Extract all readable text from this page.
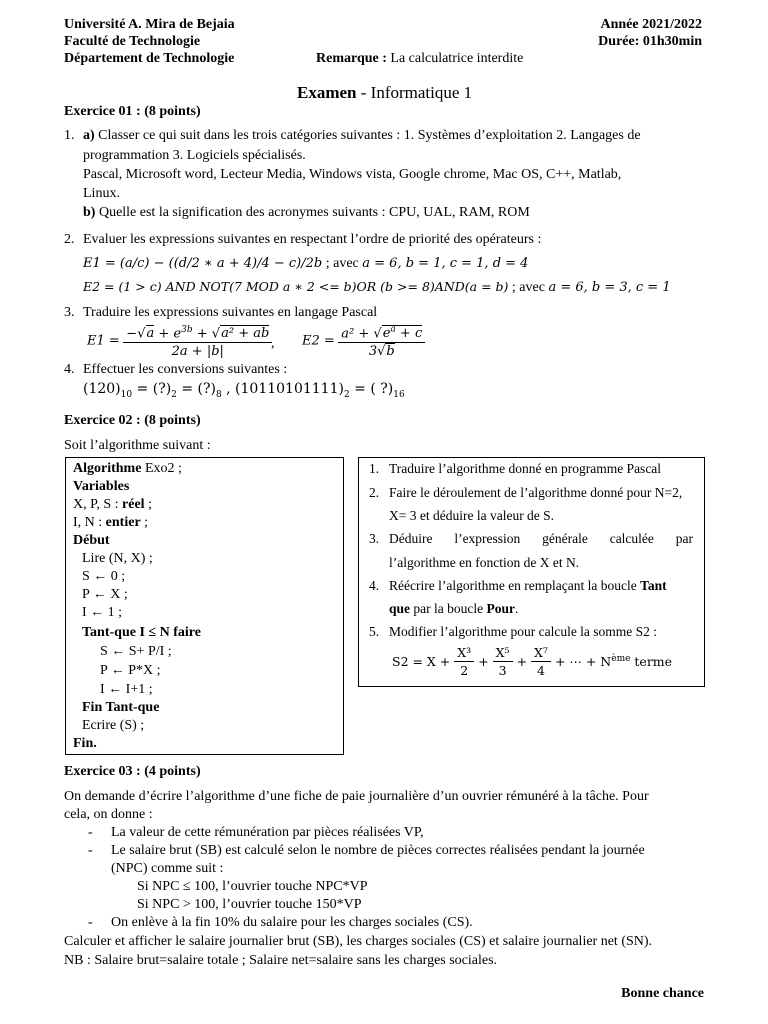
Université A. Mira de Bejaia
Faculté de Technologie
Département de Technologie
Année 2021/2022
Durée: 01h30min
Remarque : La calculatrice interdite
Examen - Informatique 1
Exercice 01 : (8 points)
1. a) Classer ce qui suit dans les trois catégories suivantes : 1. Systèmes d’exploitation 2. Langages de
programmation 3. Logiciels spécialisés.
Pascal, Microsoft word, Lecteur Media, Windows vista, Google chrome, Mac OS, C++, Matlab,
Linux.
b) Quelle est la signification des acronymes suivants : CPU, UAL, RAM, ROM
2. Evaluer les expressions suivantes en respectant l’ordre de priorité des opérateurs :
E1 = (a/c) − ((d/2 ∗ a + 4)/4 − c)/2b ; avec a = 6, b = 1, c = 1, d = 4
E2 = (1 > c) AND NOT(7 MOD a ∗ 2 <= b)OR (b >= 8)AND(a = b) ; avec a = 6, b = 3, c = 1
3. Traduire les expressions suivantes en langage Pascal
$E1 = \frac{-√a + e^{3b} + √a^2 + ab}{2a + |b|}$
, $E2 = \frac{a^2 + √e^a + c}{3√b}$
4. Effectuer les conversions suivantes :
$(120)_{10}$ = $(?)_2$ = $(?)_8$ , $(10110101111)_2$ = ( $?)_{16}$
Exercice 02 : (8 points)
Soit l’algorithme suivant :
Algorithme Exo2 ;
Variables
X, P, S : réel ;
I, N : entier ;
Début
Lire (N, X) ;
S ← 0 ;
P ← X ;
I ← 1 ;
Tant-que I ≤ N faire
S ← S+ P/I ;
P ← P*X ;
I ← I+1 ;
Fin Tant-que
Ecrire (S) ;
Fin.
1. Traduire l’algorithme donné en programme Pascal
2. Faire le déroulement de l’algorithme donné pour N=2,
X= 3 et déduire la valeur de S.
3. Déduire l’expression générale calculée par
l’algorithme en fonction de X et N.
4. Réécrire l’algorithme en remplaçant la boucle Tant
que par la boucle Pour.
5. Modifier l’algorithme pour calcule la somme S2 :
$S2 = X + \frac{\text{X³}}{2} + \frac{\text{X⁵}}{3} + \frac{\text{X⁷}}{4}$ + ⋯ + $N^{ème}$ terme
Exercice 03 : (4 points)
On demande d’écrire l’algorithme d’une fiche de paie journalière d’un ouvrier rémunéré à la tâche. Pour
cela, on donne :
- La valeur de cette rémunération par pièces réalisées VP,
- Le salaire brut (SB) est calculé selon le nombre de pièces correctes réalisées pendant la journée
(NPC) comme suit :
Si NPC ≤ 100, l’ouvrier touche NPC*VP
Si NPC > 100, l’ouvrier touche 150*VP
- On enlève à la fin 10% du salaire pour les charges sociales (CS).
Calculer et afficher le salaire journalier brut (SB), les charges sociales (CS) et salaire journalier net (SN).
NB : Salaire brut=salaire totale ; Salaire net=salaire sans les charges sociales.
Bonne chance
